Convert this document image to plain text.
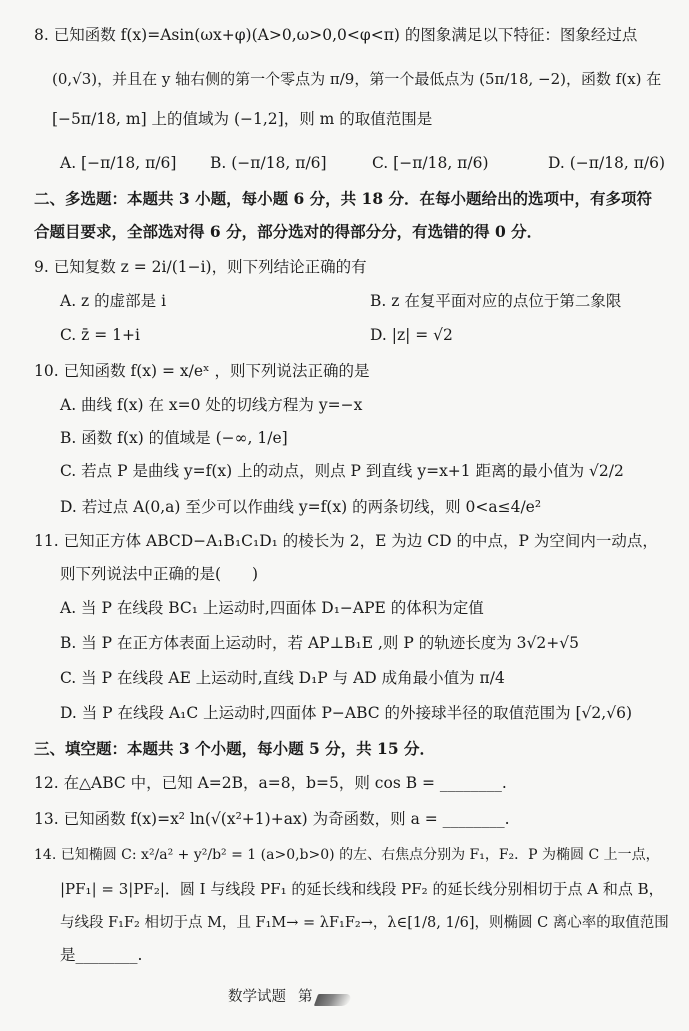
8. 已知函数 f(x)=Asin(ωx+φ)(A>0,ω>0,0<φ<π) 的图象满足以下特征：图象经过点
(0,√3)，并且在 y 轴右侧的第一个零点为 π/9，第一个最低点为 (5π/18, −2)，函数 f(x) 在
[−5π/18, m] 上的值域为 (−1,2]，则 m 的取值范围是
A. [−π/18, π/6] B. (−π/18, π/6]	C. [−π/18, π/6)	D. (−π/18, π/6)
二、多选题：本题共 3 小题，每小题 6 分，共 18 分．在每小题给出的选项中，有多项符
合题目要求，全部选对得 6 分，部分选对的得部分分，有选错的得 0 分．
9. 已知复数 z = 2i/(1−i)，则下列结论正确的有
A. z 的虚部是 i	B. z 在复平面对应的点位于第二象限
C. z̄ = 1+i	D. |z| = √2
10. 已知函数 f(x) = x/eˣ ，则下列说法正确的是
A. 曲线 f(x) 在 x=0 处的切线方程为 y=−x
B. 函数 f(x) 的值域是 (−∞, 1/e]
C. 若点 P 是曲线 y=f(x) 上的动点，则点 P 到直线 y=x+1 距离的最小值为 √2/2
D. 若过点 A(0,a) 至少可以作曲线 y=f(x) 的两条切线，则 0<a≤4/e²
11. 已知正方体 ABCD−A₁B₁C₁D₁ 的棱长为 2，E 为边 CD 的中点，P 为空间内一动点，
则下列说法中正确的是(　　)
A. 当 P 在线段 BC₁ 上运动时,四面体 D₁−APE 的体积为定值
B. 当 P 在正方体表面上运动时，若 AP⊥B₁E ,则 P 的轨迹长度为 3√2+√5
C. 当 P 在线段 AE 上运动时,直线 D₁P 与 AD 成角最小值为 π/4
D. 当 P 在线段 A₁C 上运动时,四面体 P−ABC 的外接球半径的取值范围为 [√2,√6)
三、填空题：本题共 3 个小题，每小题 5 分，共 15 分．
12. 在△ABC 中，已知 A=2B，a=8，b=5，则 cos B = ________.
13. 已知函数 f(x)=x² ln(√(x²+1)+ax) 为奇函数，则 a = ________.
14. 已知椭圆 C: x²/a² + y²/b² = 1 (a>0,b>0) 的左、右焦点分别为 F₁，F₂．P 为椭圆 C 上一点，
|PF₁| = 3|PF₂|．圆 I 与线段 PF₁ 的延长线和线段 PF₂ 的延长线分别相切于点 A 和点 B，
与线段 F₁F₂ 相切于点 M，且 F₁M→ = λF₁F₂→，λ∈[1/8, 1/6]，则椭圆 C 离心率的取值范围
是________.
数学试题 第
